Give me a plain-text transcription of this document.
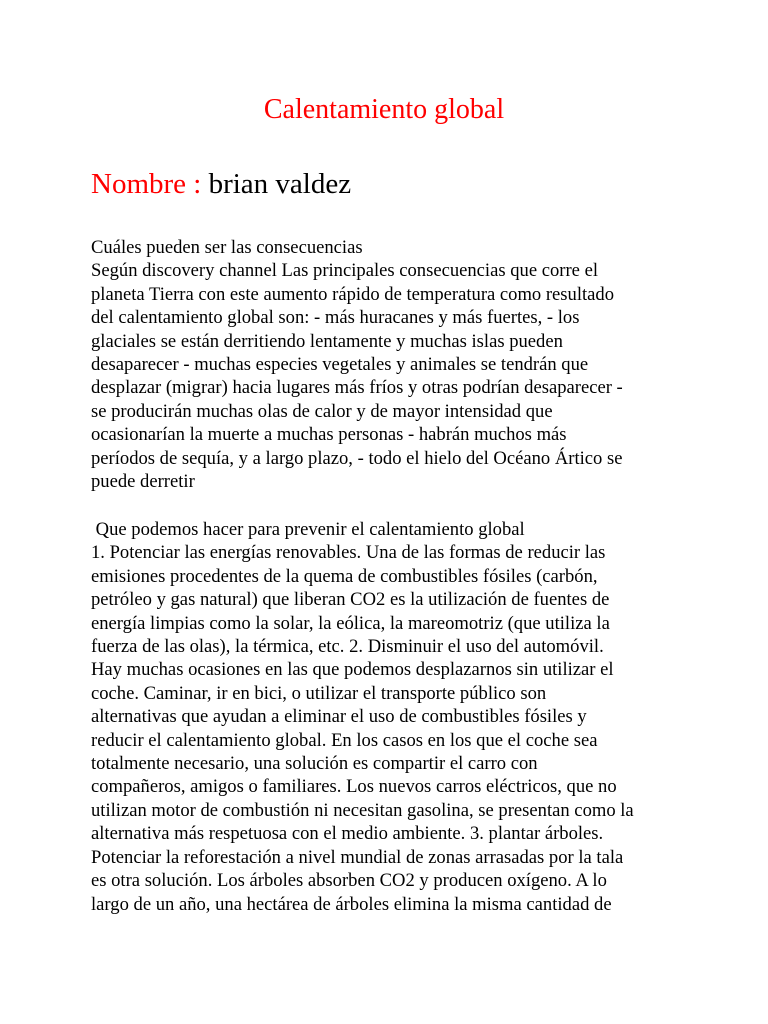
Calentamiento global

Nombre : brian valdez

Cuáles pueden ser las consecuencias
Según discovery channel Las principales consecuencias que corre el
planeta Tierra con este aumento rápido de temperatura como resultado
del calentamiento global son: - más huracanes y más fuertes, - los
glaciales se están derritiendo lentamente y muchas islas pueden
desaparecer - muchas especies vegetales y animales se tendrán que
desplazar (migrar) hacia lugares más fríos y otras podrían desaparecer -
se producirán muchas olas de calor y de mayor intensidad que
ocasionarían la muerte a muchas personas - habrán muchos más
períodos de sequía, y a largo plazo, - todo el hielo del Océano Ártico se
puede derretir
Que podemos hacer para prevenir el calentamiento global
1. Potenciar las energías renovables. Una de las formas de reducir las
emisiones procedentes de la quema de combustibles fósiles (carbón,
petróleo y gas natural) que liberan CO2 es la utilización de fuentes de
energía limpias como la solar, la eólica, la mareomotriz (que utiliza la
fuerza de las olas), la térmica, etc. 2. Disminuir el uso del automóvil.
Hay muchas ocasiones en las que podemos desplazarnos sin utilizar el
coche. Caminar, ir en bici, o utilizar el transporte público son
alternativas que ayudan a eliminar el uso de combustibles fósiles y
reducir el calentamiento global. En los casos en los que el coche sea
totalmente necesario, una solución es compartir el carro con
compañeros, amigos o familiares. Los nuevos carros eléctricos, que no
utilizan motor de combustión ni necesitan gasolina, se presentan como la
alternativa más respetuosa con el medio ambiente. 3. plantar árboles.
Potenciar la reforestación a nivel mundial de zonas arrasadas por la tala
es otra solución. Los árboles absorben CO2 y producen oxígeno. A lo
largo de un año, una hectárea de árboles elimina la misma cantidad de
